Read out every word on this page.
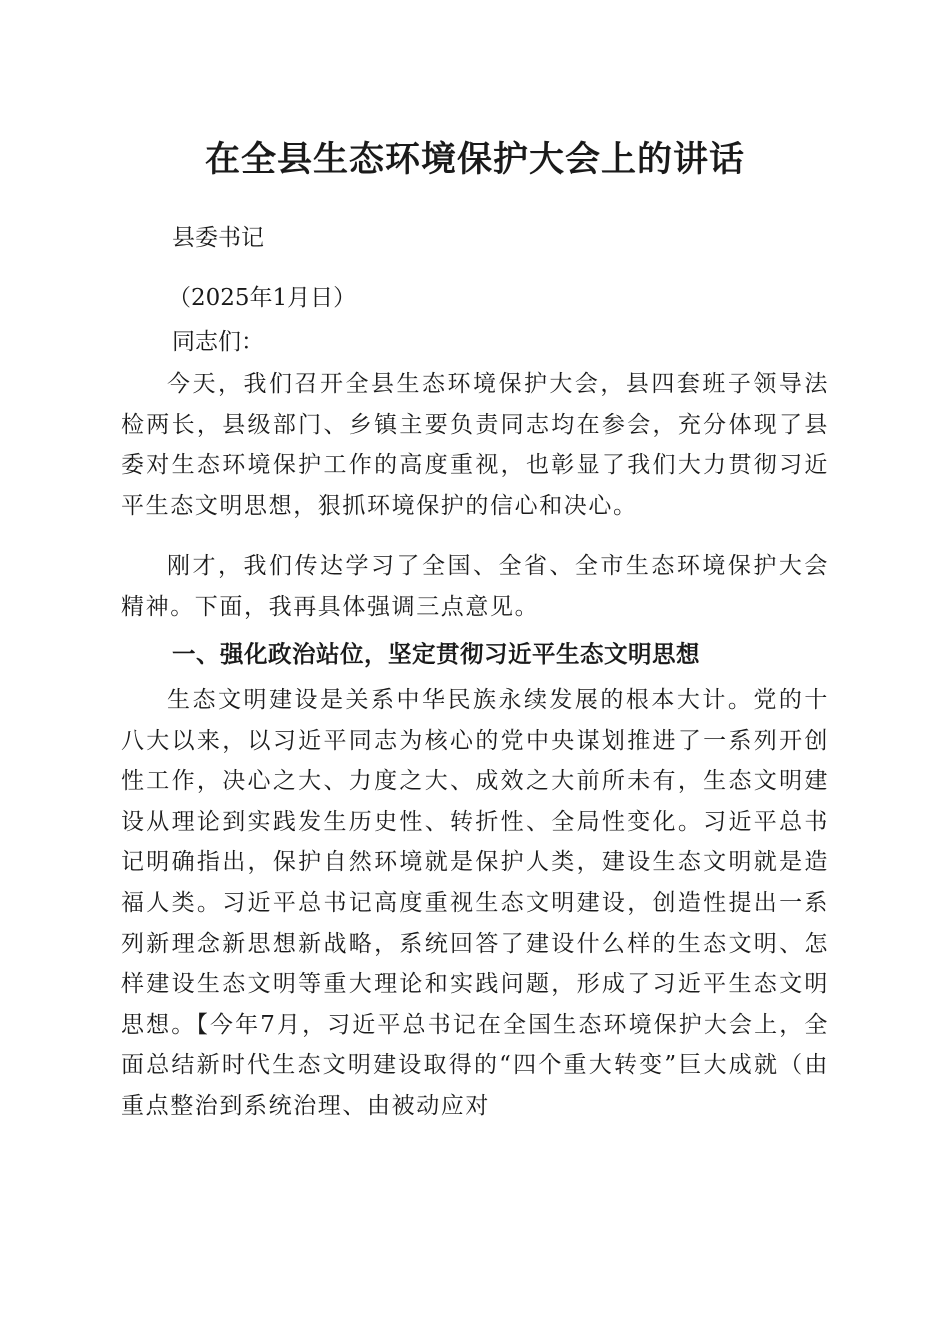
在全县生态环境保护大会上的讲话

县委书记

（2025年1月日）

同志们：

今天，我们召开全县生态环境保护大会，县四套班子领导法检两长，县级部门、乡镇主要负责同志均在参会，充分体现了县委对生态环境保护工作的高度重视，也彰显了我们大力贯彻习近平生态文明思想，狠抓环境保护的信心和决心。

刚才，我们传达学习了全国、全省、全市生态环境保护大会精神。下面，我再具体强调三点意见。

一、强化政治站位，坚定贯彻习近平生态文明思想

生态文明建设是关系中华民族永续发展的根本大计。党的十八大以来，以习近平同志为核心的党中央谋划推进了一系列开创性工作，决心之大、力度之大、成效之大前所未有，生态文明建设从理论到实践发生历史性、转折性、全局性变化。习近平总书记明确指出，保护自然环境就是保护人类，建设生态文明就是造福人类。习近平总书记高度重视生态文明建设，创造性提出一系列新理念新思想新战略，系统回答了建设什么样的生态文明、怎样建设生态文明等重大理论和实践问题，形成了习近平生态文明思想。【今年7月，习近平总书记在全国生态环境保护大会上，全面总结新时代生态文明建设取得的“四个重大转变”巨大成就（由重点整治到系统治理、由被动应对
